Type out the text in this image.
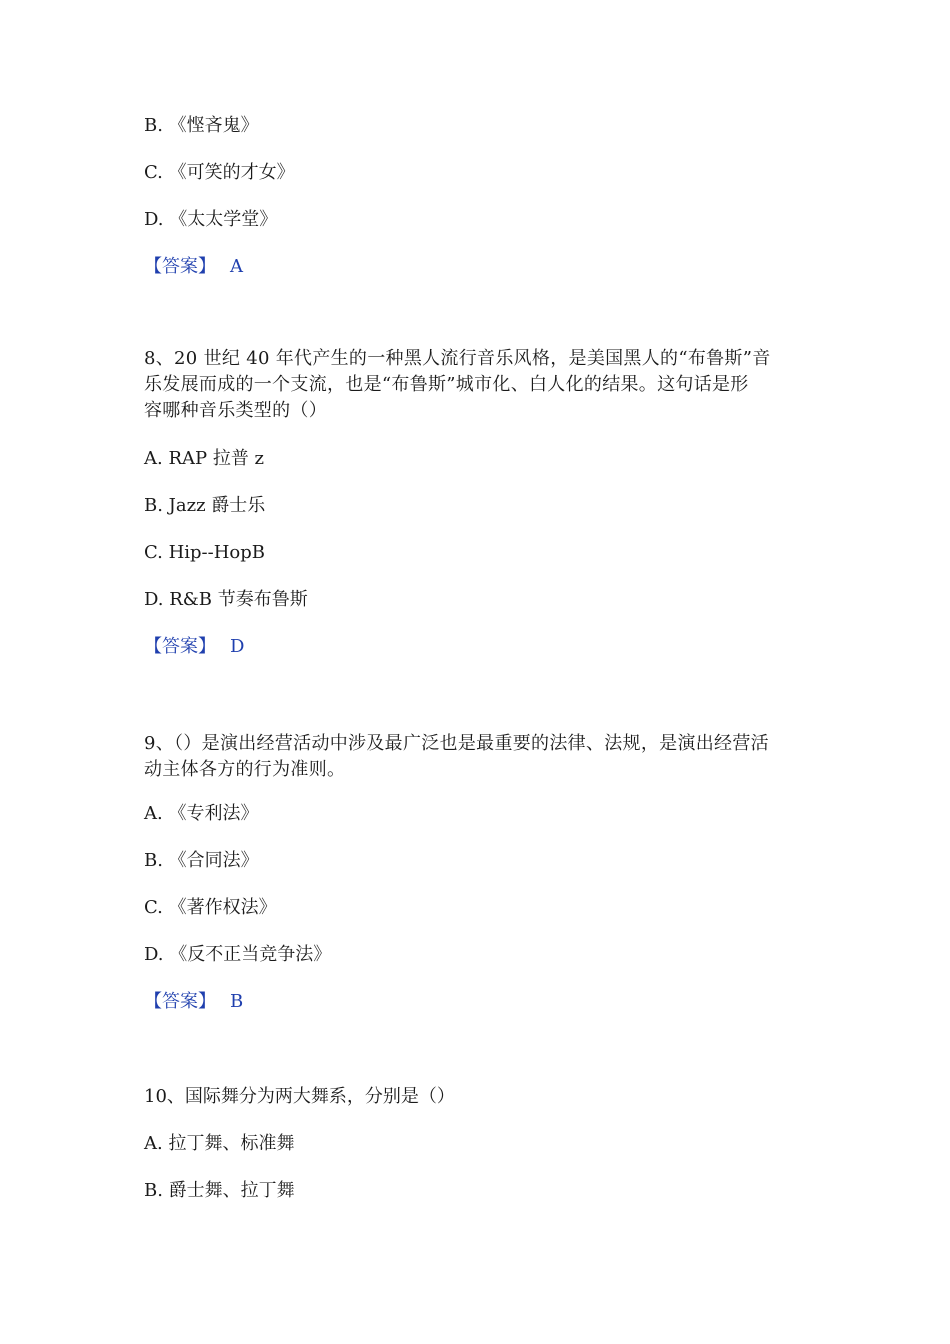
B. 《悭吝鬼》
C. 《可笑的才女》
D. 《太太学堂》
【答案】 A
8、20 世纪 40 年代产生的一种黑人流行音乐风格，是美国黑人的“布鲁斯”音
乐发展而成的一个支流，也是“布鲁斯”城市化、白人化的结果。这句话是形
容哪种音乐类型的（）
A. RAP 拉普 z
B. Jazz 爵士乐
C. Hip--HopB
D. R&B 节奏布鲁斯
【答案】 D
9、（）是演出经营活动中涉及最广泛也是最重要的法律、法规，是演出经营活
动主体各方的行为准则。
A. 《专利法》
B. 《合同法》
C. 《著作权法》
D. 《反不正当竞争法》
【答案】 B
10、国际舞分为两大舞系，分别是（）
A. 拉丁舞、标准舞
B. 爵士舞、拉丁舞
